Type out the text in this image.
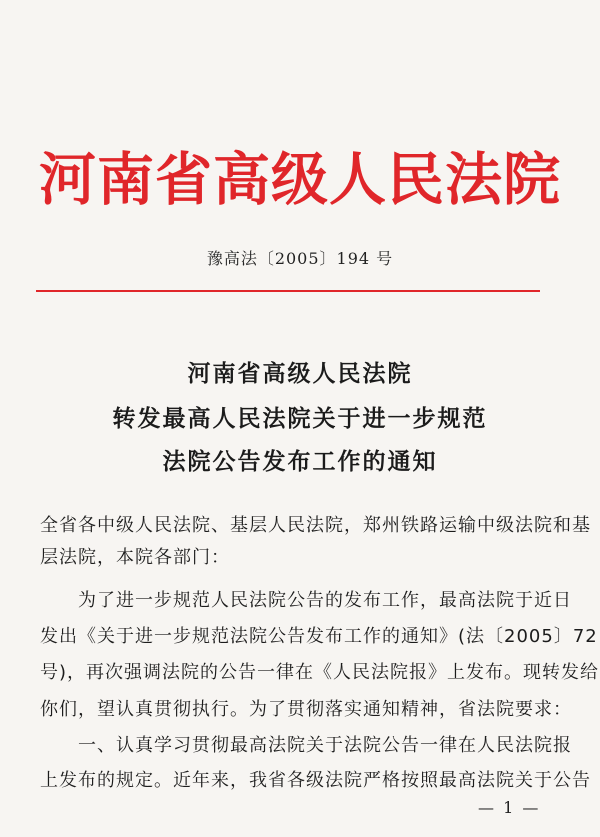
河南省高级人民法院
豫高法〔2005〕194 号
河南省高级人民法院
转发最高人民法院关于进一步规范
法院公告发布工作的通知
全省各中级人民法院、基层人民法院，郑州铁路运输中级法院和基
层法院，本院各部门：
　　为了进一步规范人民法院公告的发布工作，最高法院于近日
发出《关于进一步规范法院公告发布工作的通知》(法〔2005〕72
号)，再次强调法院的公告一律在《人民法院报》上发布。现转发给
你们，望认真贯彻执行。为了贯彻落实通知精神，省法院要求：
　　一、认真学习贯彻最高法院关于法院公告一律在人民法院报
上发布的规定。近年来，我省各级法院严格按照最高法院关于公告
— 1 —
